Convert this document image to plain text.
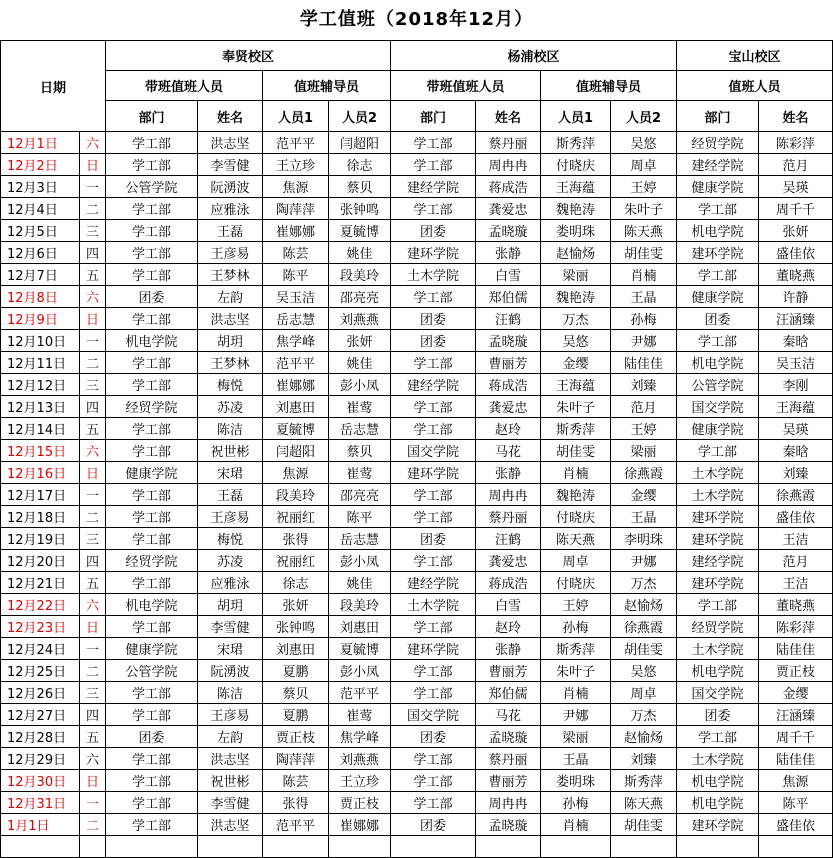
学工值班（2018年12月）
日期		奉贤校区				杨浦校区				宝山校区	
		带班值班人员		值班辅导员		带班值班人员		值班辅导员		值班人员	
		部门	姓名	人员1	人员2	部门	姓名	人员1	人员2	部门	姓名
12月1日	六	学工部	洪志坚	范平平	闫超阳	学工部	蔡丹丽	斯秀萍	吴悠	经贸学院	陈彩萍
12月2日	日	学工部	李雪健	王立珍	徐志	学工部	周冉冉	付晓庆	周卓	建经学院	范月
12月3日	一	公管学院	阮湧波	焦源	蔡贝	建经学院	蒋成浩	王海蕴	王婷	健康学院	吴瑛
12月4日	二	学工部	应雅泳	陶萍萍	张钟鸣	学工部	龚爱忠	魏艳涛	朱叶子	学工部	周千千
12月5日	三	学工部	王磊	崔娜娜	夏毓博	团委	孟晓璇	娄明珠	陈天燕	机电学院	张妍
12月6日	四	学工部	王彦易	陈芸	姚佳	建环学院	张静	赵愉炀	胡佳雯	建环学院	盛佳依
12月7日	五	学工部	王梦林	陈平	段美玲	土木学院	白雪	梁丽	肖楠	学工部	董晓燕
12月8日	六	团委	左韵	吴玉洁	邵亮亮	学工部	郑伯儒	魏艳涛	王晶	健康学院	许静
12月9日	日	学工部	洪志坚	岳志慧	刘燕燕	团委	汪鹤	万杰	孙梅	团委	汪涵臻
12月10日	一	机电学院	胡玥	焦学峰	张妍	团委	孟晓璇	吴悠	尹娜	学工部	秦晗
12月11日	二	学工部	王梦林	范平平	姚佳	学工部	曹丽芳	金缨	陆佳佳	机电学院	吴玉洁
12月12日	三	学工部	梅悦	崔娜娜	彭小凤	建经学院	蒋成浩	王海蕴	刘臻	公管学院	李刚
12月13日	四	经贸学院	苏凌	刘惠田	崔莺	学工部	龚爱忠	朱叶子	范月	国交学院	王海蕴
12月14日	五	学工部	陈洁	夏毓博	岳志慧	学工部	赵玲	斯秀萍	王婷	健康学院	吴瑛
12月15日	六	学工部	祝世彬	闫超阳	蔡贝	国交学院	马花	胡佳雯	梁丽	学工部	秦晗
12月16日	日	健康学院	宋珺	焦源	崔莺	建环学院	张静	肖楠	徐燕霞	土木学院	刘臻
12月17日	一	学工部	王磊	段美玲	邵亮亮	学工部	周冉冉	魏艳涛	金缨	土木学院	徐燕霞
12月18日	二	学工部	王彦易	祝丽红	陈平	学工部	蔡丹丽	付晓庆	王晶	建环学院	盛佳依
12月19日	三	学工部	梅悦	张得	岳志慧	团委	汪鹤	陈天燕	李明珠	建环学院	王洁
12月20日	四	经贸学院	苏凌	祝丽红	彭小凤	学工部	龚爱忠	周卓	尹娜	建经学院	范月
12月21日	五	学工部	应雅泳	徐志	姚佳	建经学院	蒋成浩	付晓庆	万杰	建环学院	王洁
12月22日	六	机电学院	胡玥	张妍	段美玲	土木学院	白雪	王婷	赵愉炀	学工部	董晓燕
12月23日	日	学工部	李雪健	张钟鸣	刘惠田	学工部	赵玲	孙梅	徐燕霞	经贸学院	陈彩萍
12月24日	一	健康学院	宋珺	刘惠田	夏毓博	建环学院	张静	斯秀萍	胡佳雯	土木学院	陆佳佳
12月25日	二	公管学院	阮湧波	夏鹏	彭小凤	学工部	曹丽芳	朱叶子	吴悠	机电学院	贾正枝
12月26日	三	学工部	陈洁	蔡贝	范平平	学工部	郑伯儒	肖楠	周卓	国交学院	金缨
12月27日	四	学工部	王彦易	夏鹏	崔莺	国交学院	马花	尹娜	万杰	团委	汪涵臻
12月28日	五	团委	左韵	贾正枝	焦学峰	团委	孟晓璇	梁丽	赵愉炀	学工部	周千千
12月29日	六	学工部	洪志坚	陶萍萍	刘燕燕	学工部	蔡丹丽	王晶	刘臻	土木学院	陆佳佳
12月30日	日	学工部	祝世彬	陈芸	王立珍	学工部	曹丽芳	娄明珠	斯秀萍	机电学院	焦源
12月31日	一	学工部	李雪健	张得	贾正枝	学工部	周冉冉	孙梅	陈天燕	机电学院	陈平
1月1日	二	学工部	洪志坚	范平平	崔娜娜	团委	孟晓璇	肖楠	胡佳雯	建环学院	盛佳依
